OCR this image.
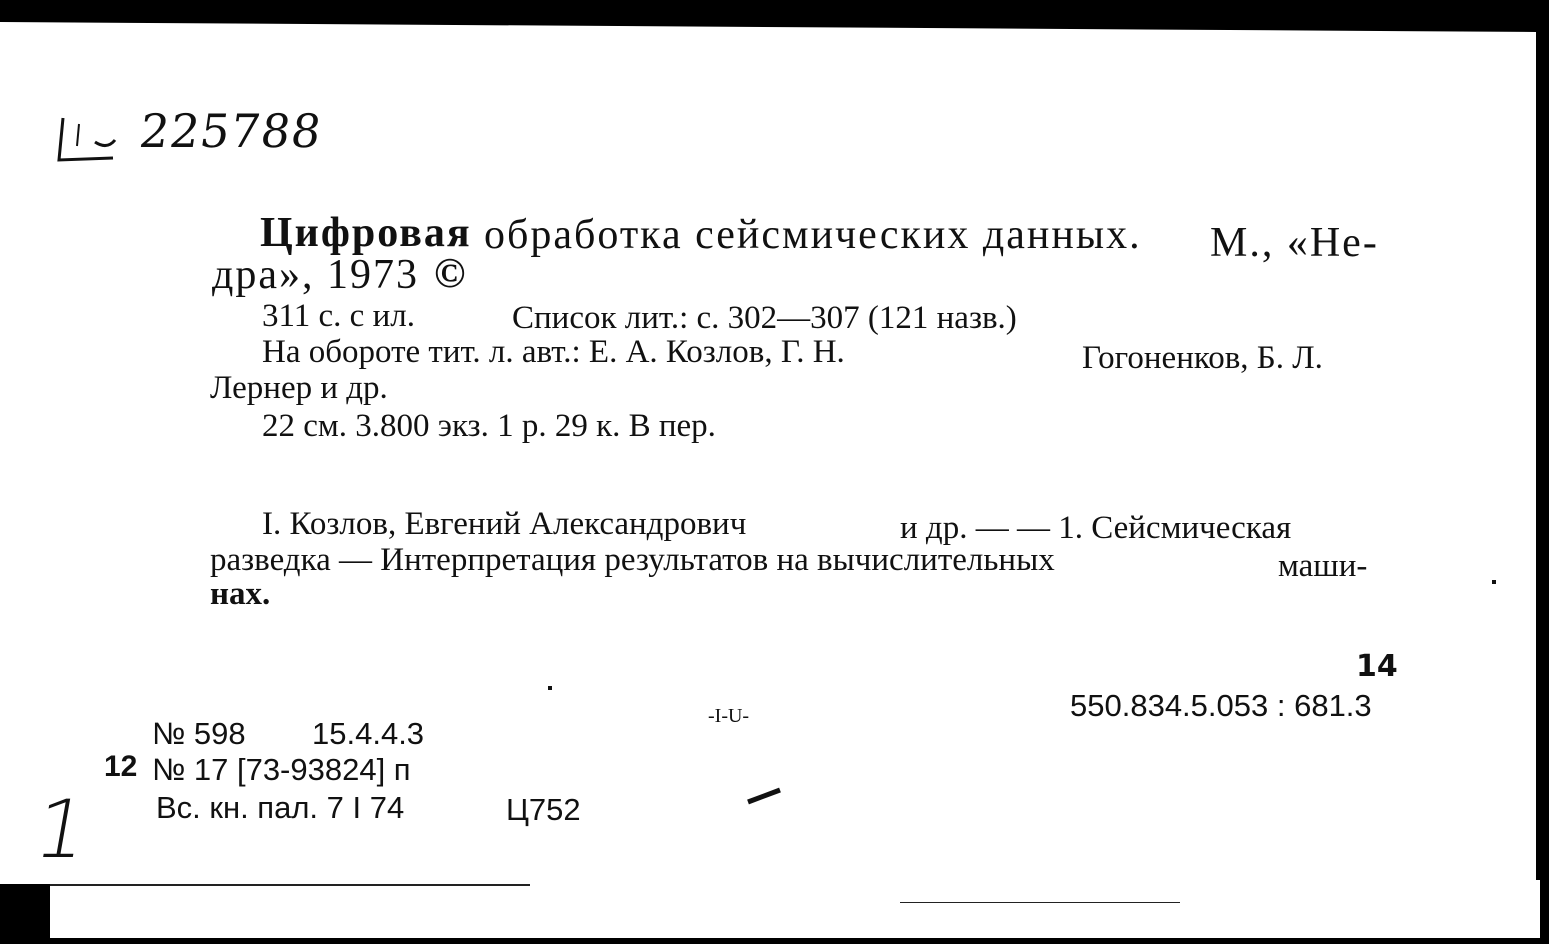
225788
Цифровая обработка сейсмических данных. М., «Не-
дра», 1973 ©
311 с. с ил.	Список лит.: с. 302—307 (121 назв.)
На обороте тит. л. авт.: Е. А. Козлов, Г. Н.	Гогоненков, Б. Л.
Лернер и др.
22 см. 3.800 экз. 1 р. 29 к. В пер.
I. Козлов, Евгений Александрович	и др. — — 1. Сейсмическая
разведка — Интерпретация результатов на вычислительных	маши-
нах.
14
550.834.5.053 : 681.3
-I-U-
№ 598 15.4.4.3
12 № 17 [73-93824] п
Вс. кн. пал. 7 I 74	Ц752
1
